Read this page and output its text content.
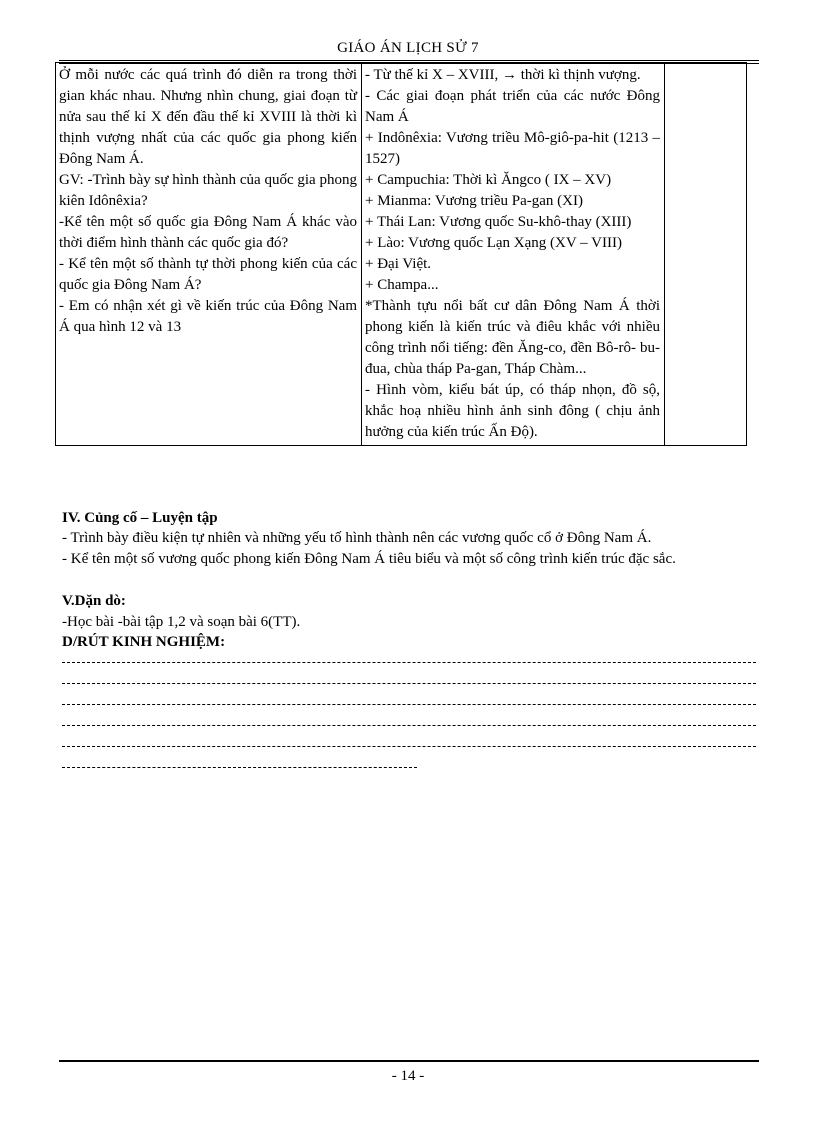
GIÁO ÁN LỊCH SỬ 7
Ở mỗi nước các quá trình đó diễn ra trong thời gian khác nhau. Nhưng nhìn chung, giai đoạn từ nửa sau thế kỉ X đến đầu thế kỉ XVIII là thời kì thịnh vượng nhất của các quốc gia phong kiến Đông Nam Á.
GV: -Trình bày sự hình thành của quốc gia phong kiên Idônêxia?
-Kể tên một số quốc gia Đông Nam Á khác vào thời điểm hình thành các quốc gia đó?
- Kể tên một số thành tự thời phong kiến của các quốc gia Đông Nam Á?
- Em có nhận xét gì về kiến trúc của Đông Nam Á qua hình 12 và 13

- Từ thế kỉ X – XVIII, → thời kì thịnh vượng.
- Các giai đoạn phát triển của các nước Đông Nam Á
+ Indônêxia: Vương triều Mô-giô-pa-hit (1213 – 1527)
+ Campuchia: Thời kì Ăngco ( IX – XV)
+ Mianma: Vương triều Pa-gan (XI)
+ Thái Lan: Vương quốc Su-khô-thay (XIII)
+ Lào: Vương quốc Lạn Xạng (XV – VIII)
+ Đại Việt.
+ Champa...
*Thành tựu nổi bất cư dân Đông Nam Á thời phong kiến là kiến trúc và điêu khắc với nhiều công trình nổi tiếng: đền Ăng-co, đền Bô-rô- bu-đua, chùa tháp Pa-gan, Tháp Chàm...
- Hình vòm, kiểu bát úp, có tháp nhọn, đồ sộ, khắc hoạ nhiều hình ảnh sinh đông ( chịu ảnh hưởng của kiến trúc Ấn Độ).

IV. Củng cố – Luyện tập
- Trình bày điều kiện tự nhiên và những yếu tố hình thành nên các vương quốc cổ ở Đông Nam Á.
- Kể tên một số vương quốc phong kiến Đông Nam Á tiêu biểu và một số công trình kiến trúc đặc sắc.
V.Dặn dò:
-Học bài -bài tập 1,2 và soạn bài 6(TT).
D/RÚT KINH NGHIỆM:
- 14 -
